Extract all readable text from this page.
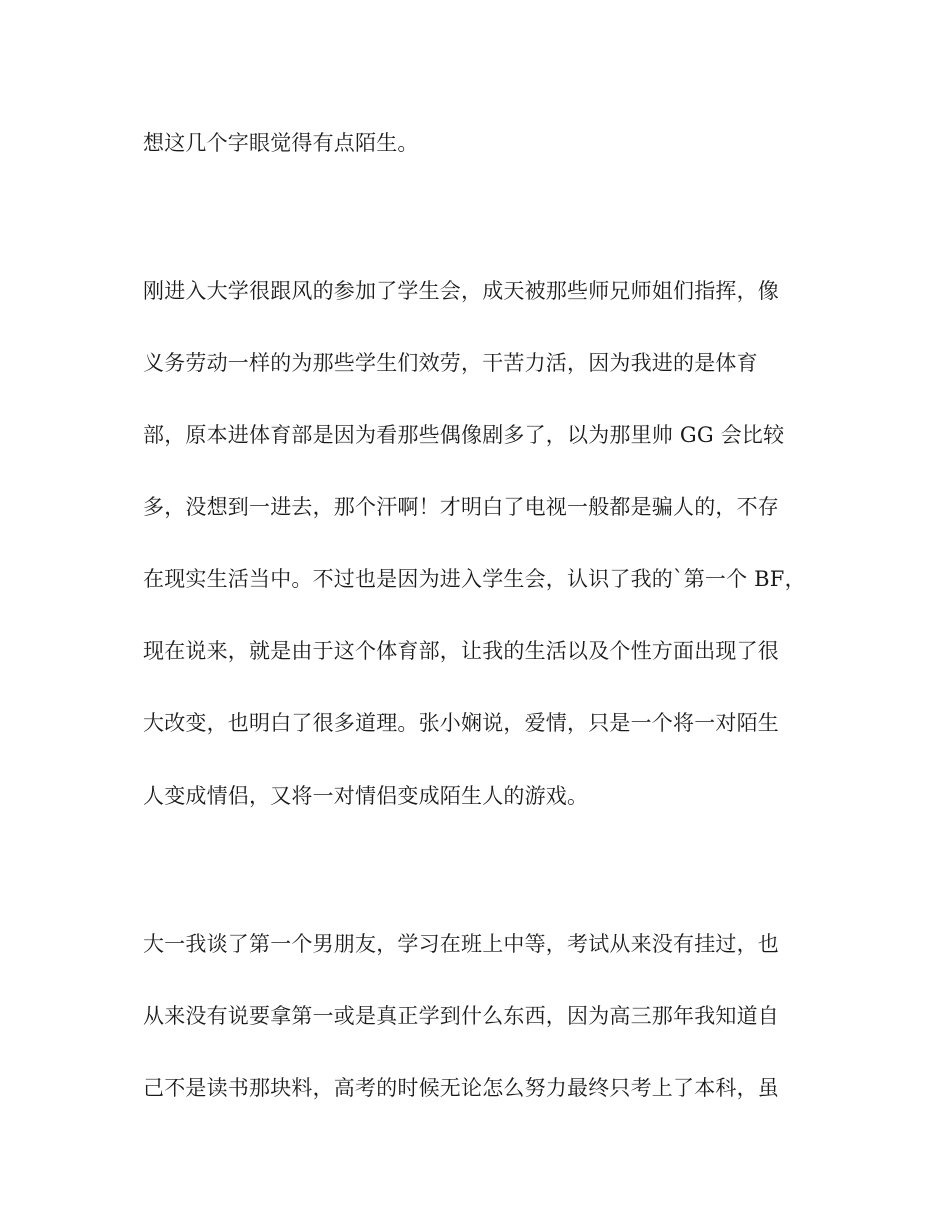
想这几个字眼觉得有点陌生。
刚进入大学很跟风的参加了学生会，成天被那些师兄师姐们指挥，像
义务劳动一样的为那些学生们效劳，干苦力活，因为我进的是体育
部，原本进体育部是因为看那些偶像剧多了，以为那里帅 GG 会比较
多，没想到一进去，那个汗啊！才明白了电视一般都是骗人的，不存
在现实生活当中。不过也是因为进入学生会，认识了我的`第一个 BF，
现在说来，就是由于这个体育部，让我的生活以及个性方面出现了很
大改变，也明白了很多道理。张小娴说，爱情，只是一个将一对陌生
人变成情侣，又将一对情侣变成陌生人的游戏。
大一我谈了第一个男朋友，学习在班上中等，考试从来没有挂过，也
从来没有说要拿第一或是真正学到什么东西，因为高三那年我知道自
己不是读书那块料，高考的时候无论怎么努力最终只考上了本科，虽
